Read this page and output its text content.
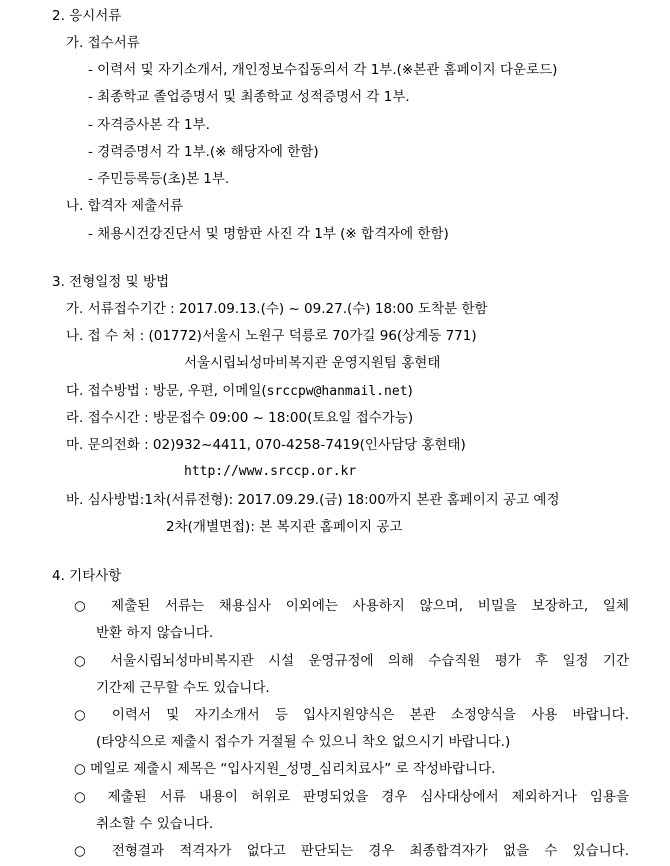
2. 응시서류
가. 접수서류
- 이력서 및 자기소개서, 개인정보수집동의서 각 1부.(※본관 홈페이지 다운로드)
- 최종학교 졸업증명서 및 최종학교 성적증명서 각 1부.
- 자격증사본 각 1부.
- 경력증명서 각 1부.(※ 해당자에 한함)
- 주민등록등(초)본 1부.
나. 합격자 제출서류
- 채용시건강진단서 및 명함판 사진 각 1부 (※ 합격자에 한함)
3. 전형일정 및 방법
가. 서류접수기간 : 2017.09.13.(수) ~ 09.27.(수) 18:00 도착분 한함
나. 접 수 처 : (01772)서울시 노원구 덕릉로 70가길 96(상계동 771)
서울시립뇌성마비복지관 운영지원팀 홍현태
다. 접수방법 : 방문, 우편, 이메일(srccpw@hanmail.net)
라. 접수시간 : 방문접수 09:00 ~ 18:00(토요일 접수가능)
마. 문의전화 : 02)932~4411, 070-4258-7419(인사담당 홍현태)
http://www.srccp.or.kr
바. 심사방법:1차(서류전형): 2017.09.29.(금) 18:00까지 본관 홈페이지 공고 예정
2차(개별면접): 본 복지관 홈페이지 공고
4. 기타사항
○ 제출된 서류는 채용심사 이외에는 사용하지 않으며, 비밀을 보장하고, 일체
반환 하지 않습니다.
○ 서울시립뇌성마비복지관 시설 운영규정에 의해 수습직원 평가 후 일정 기간
기간제 근무할 수도 있습니다.
○ 이력서 및 자기소개서 등 입사지원양식은 본관 소정양식을 사용 바랍니다.
(타양식으로 제출시 접수가 거절될 수 있으니 착오 없으시기 바랍니다.)
○ 메일로 제출시 제목은 “입사지원_성명_심리치료사” 로 작성바랍니다.
○ 제출된 서류 내용이 허위로 판명되었을 경우 심사대상에서 제외하거나 임용을
취소할 수 있습니다.
○ 전형결과 적격자가 없다고 판단되는 경우 최종합격자가 없을 수 있습니다.
